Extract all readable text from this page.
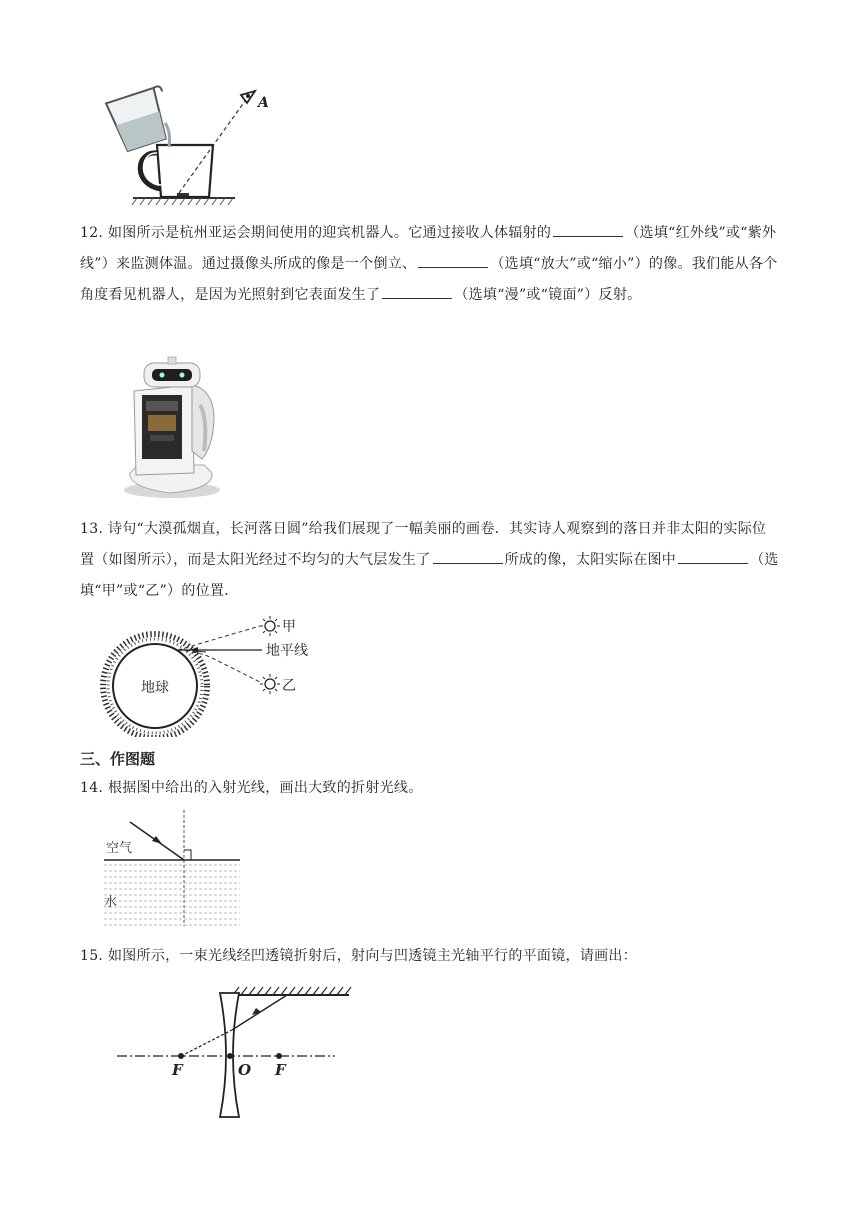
A
12. 如图所示是杭州亚运会期间使用的迎宾机器人。它通过接收人体辐射的	（选填“红外线”或“紫外线”）来监测体温。通过摄像头所成的像是一个倒立、	（选填“放大”或“缩小”）的像。我们能从各个角度看见机器人，是因为光照射到它表面发生了	（选填“漫”或“镜面”）反射。
13. 诗句“大漠孤烟直，长河落日圆”给我们展现了一幅美丽的画卷．其实诗人观察到的落日并非太阳的实际位置（如图所示），而是太阳光经过不均匀的大气层发生了	所成的像，太阳实际在图中	（选填“甲”或“乙”）的位置．
地球
甲
地平线
乙
三、作图题
14. 根据图中给出的入射光线，画出大致的折射光线。
空气
水
15. 如图所示，一束光线经凹透镜折射后，射向与凹透镜主光轴平行的平面镜，请画出：
F	O F
